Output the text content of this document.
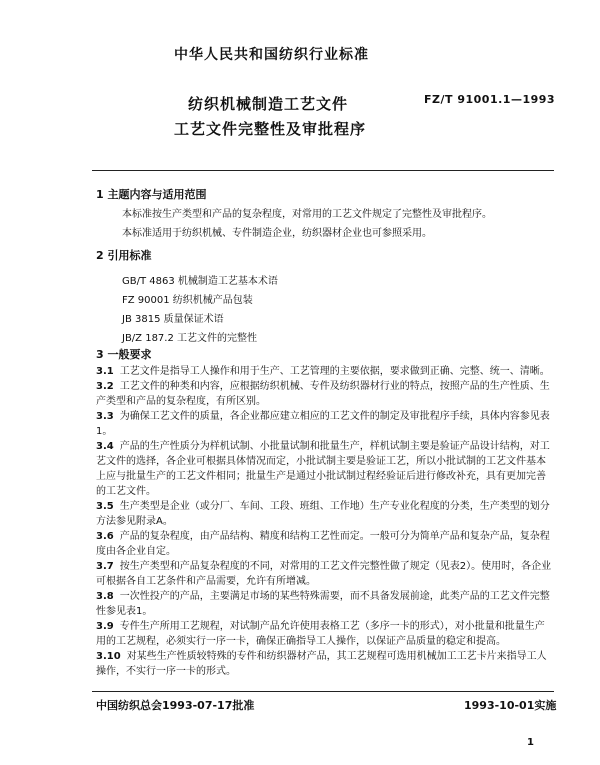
中华人民共和国纺织行业标准
纺织机械制造工艺文件
工艺文件完整性及审批程序
FZ/T 91001.1—1993
1 主题内容与适用范围
本标准按生产类型和产品的复杂程度，对常用的工艺文件规定了完整性及审批程序。
本标准适用于纺织机械、专件制造企业，纺织器材企业也可参照采用。
2 引用标准
GB/T 4863 机械制造工艺基本术语
FZ 90001 纺织机械产品包装
JB 3815 质量保证术语
JB/Z 187.2 工艺文件的完整性
3 一般要求
中国纺织总会1993-07-17批准	1993-10-01实施
1
3.1 工艺文件是指导工人操作和用于生产、工艺管理的主要依据，要求做到正确、完整、统一、清晰。
3.2 工艺文件的种类和内容，应根据纺织机械、专件及纺织器材行业的特点，按照产品的生产性质、生产类型和产品的复杂程度，有所区别。
3.3 为确保工艺文件的质量，各企业都应建立相应的工艺文件的制定及审批程序手续，具体内容参见表1。
3.4 产品的生产性质分为样机试制、小批量试制和批量生产，样机试制主要是验证产品设计结构，对工艺文件的选择，各企业可根据具体情况而定，小批试制主要是验证工艺，所以小批试制的工艺文件基本上应与批量生产的工艺文件相同；批量生产是通过小批试制过程经验证后进行修改补充，具有更加完善的工艺文件。
3.5 生产类型是企业（或分厂、车间、工段、班组、工作地）生产专业化程度的分类，生产类型的划分方法参见附录A。
3.6 产品的复杂程度，由产品结构、精度和结构工艺性而定。一般可分为简单产品和复杂产品，复杂程度由各企业自定。
3.7 按生产类型和产品复杂程度的不同，对常用的工艺文件完整性做了规定（见表2）。使用时，各企业可根据各自工艺条件和产品需要，允许有所增减。
3.8 一次性投产的产品，主要满足市场的某些特殊需要，而不具备发展前途，此类产品的工艺文件完整性参见表1。
3.9 专件生产所用工艺规程，对试制产品允许使用表格工艺（多序一卡的形式），对小批量和批量生产用的工艺规程，必须实行一序一卡，确保正确指导工人操作，以保证产品质量的稳定和提高。
3.10 对某些生产性质较特殊的专件和纺织器材产品，其工艺规程可选用机械加工工艺卡片来指导工人操作，不实行一序一卡的形式。
